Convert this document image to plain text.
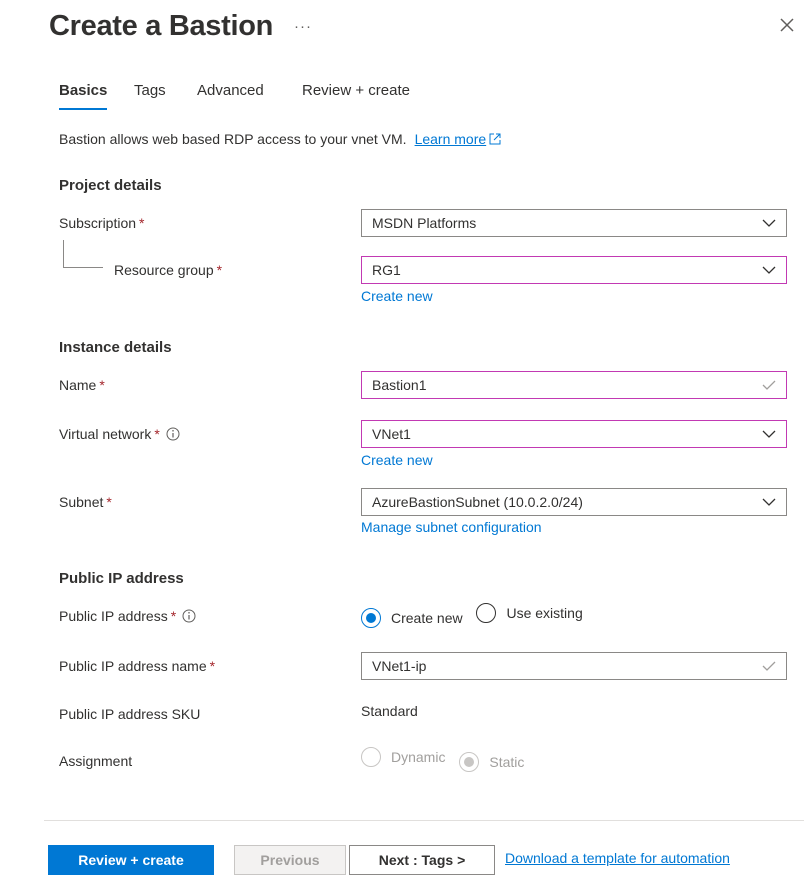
Create a Bastion ···
Basics Tags Advanced	Review + create
Bastion allows web based RDP access to your vnet VM. Learn more
Project details
Subscription *	MSDN Platforms
Resource group *	RG1
Create new
Instance details
Name *	Bastion1
Virtual network *	VNet1
Create new
Subnet *	AzureBastionSubnet (10.0.2.0/24)
Manage subnet configuration
Public IP address
Public IP address *	Create new
	Use existing
Public IP address name *	VNet1-ip
Public IP address SKU	Standard
Assignment	Dynamic
	Static
Review + create	Previous	Next : Tags >	Download a template for automation
